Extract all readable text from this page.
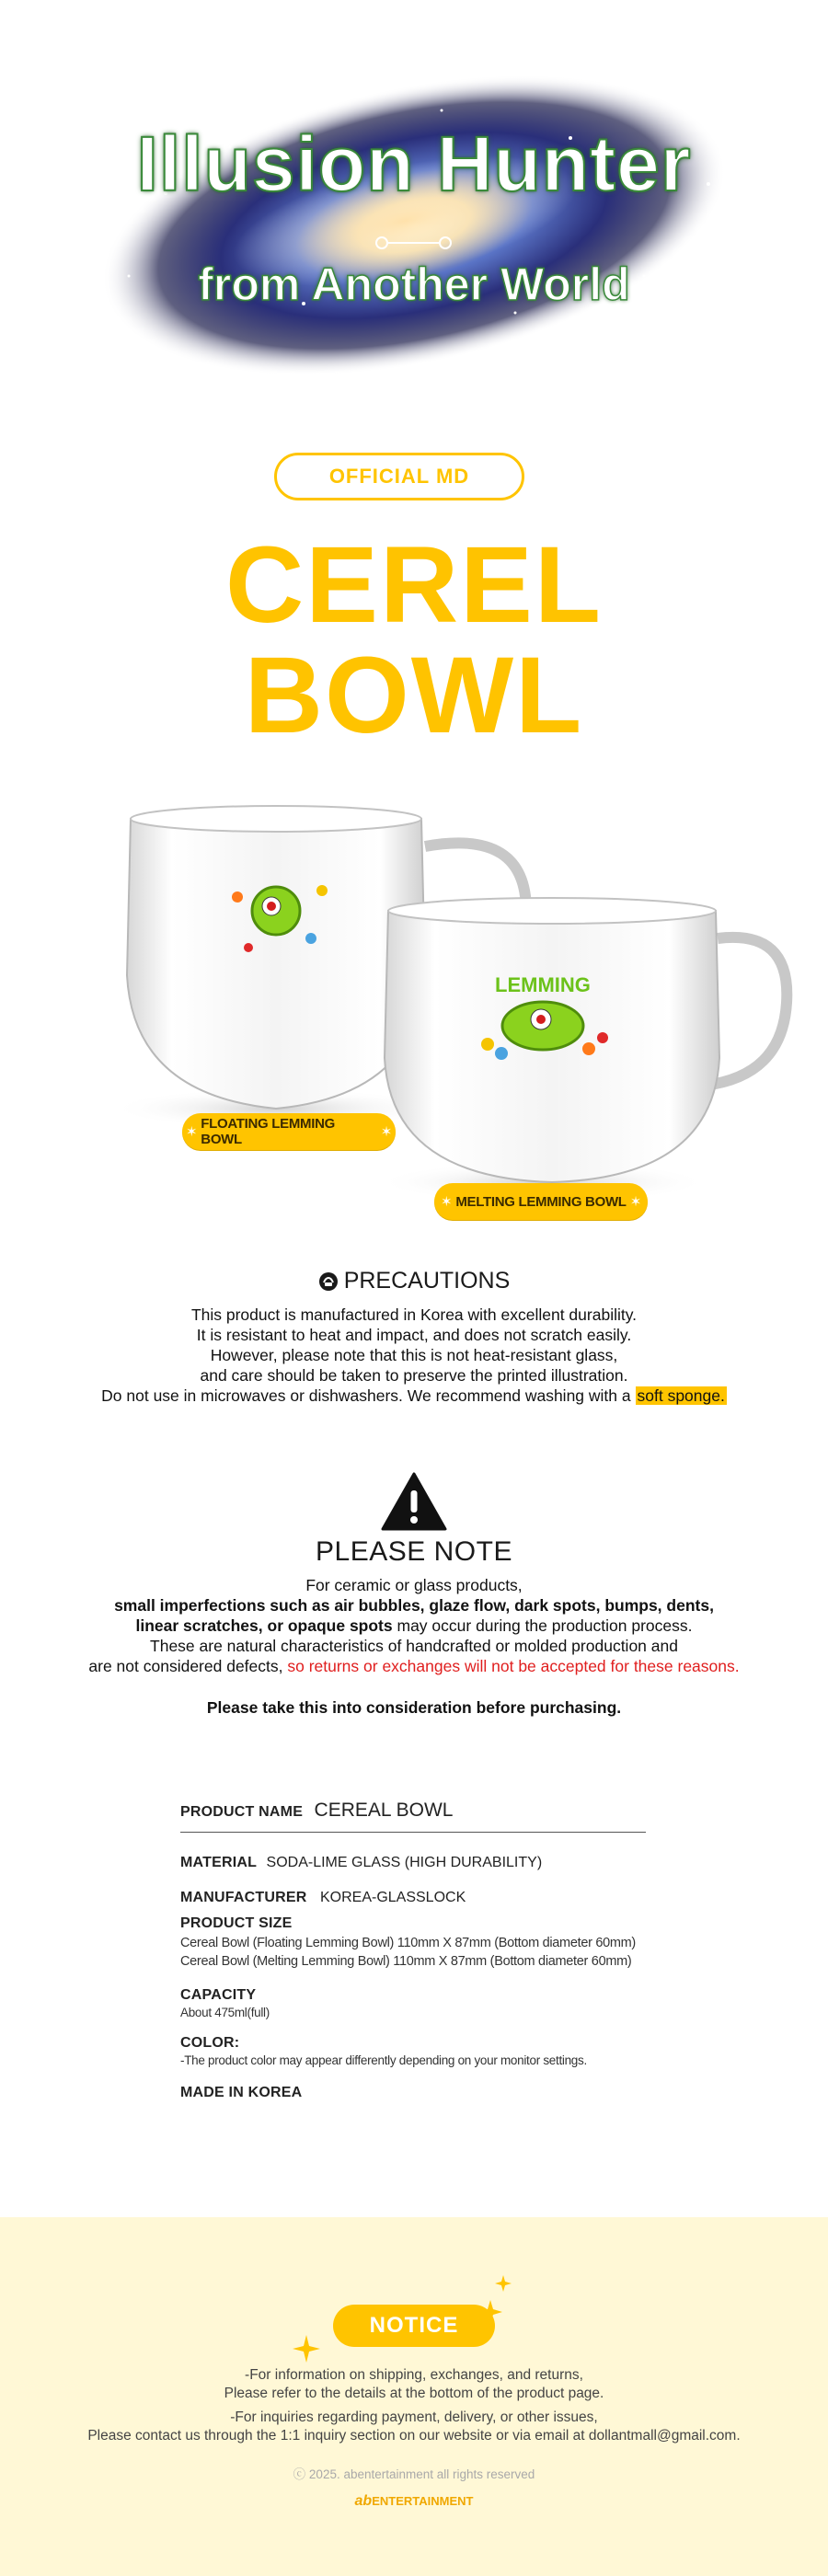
Illusion Hunter
from Another World
OFFICIAL MD
CEREL
BOWL
LEMMING
✶
FLOATING LEMMING BOWL	✶
✶ MELTING LEMMING BOWL ✶
PRECAUTIONS
This product is manufactured in Korea with excellent durability.
It is resistant to heat and impact, and does not scratch easily.
However, please note that this is not heat-resistant glass,
and care should be taken to preserve the printed illustration.
Do not use in microwaves or dishwashers. We recommend washing with a soft sponge.
PLEASE NOTE
For ceramic or glass products,
small imperfections such as air bubbles, glaze flow, dark spots, bumps, dents,
linear scratches, or opaque spots may occur during the production process.
These are natural characteristics of handcrafted or molded production and
are not considered defects, so returns or exchanges will not be accepted for these reasons.
Please take this into consideration before purchasing.
PRODUCT NAME CEREAL BOWL
MATERIAL SODA-LIME GLASS (HIGH DURABILITY)
MANUFACTURER KOREA-GLASSLOCK
PRODUCT SIZE
Cereal Bowl (Floating Lemming Bowl) 110mm X 87mm (Bottom diameter 60mm)
Cereal Bowl (Melting Lemming Bowl) 110mm X 87mm (Bottom diameter 60mm)
CAPACITY
About 475ml(full)
COLOR:
-The product color may appear differently depending on your monitor settings.
MADE IN KOREA
NOTICE
-For information on shipping, exchanges, and returns,
Please refer to the details at the bottom of the product page.
-For inquiries regarding payment, delivery, or other issues,
Please contact us through the 1:1 inquiry section on our website or via email at dollantmall@gmail.com.
ⓒ 2025. abentertainment all rights reserved
abENTERTAINMENT
